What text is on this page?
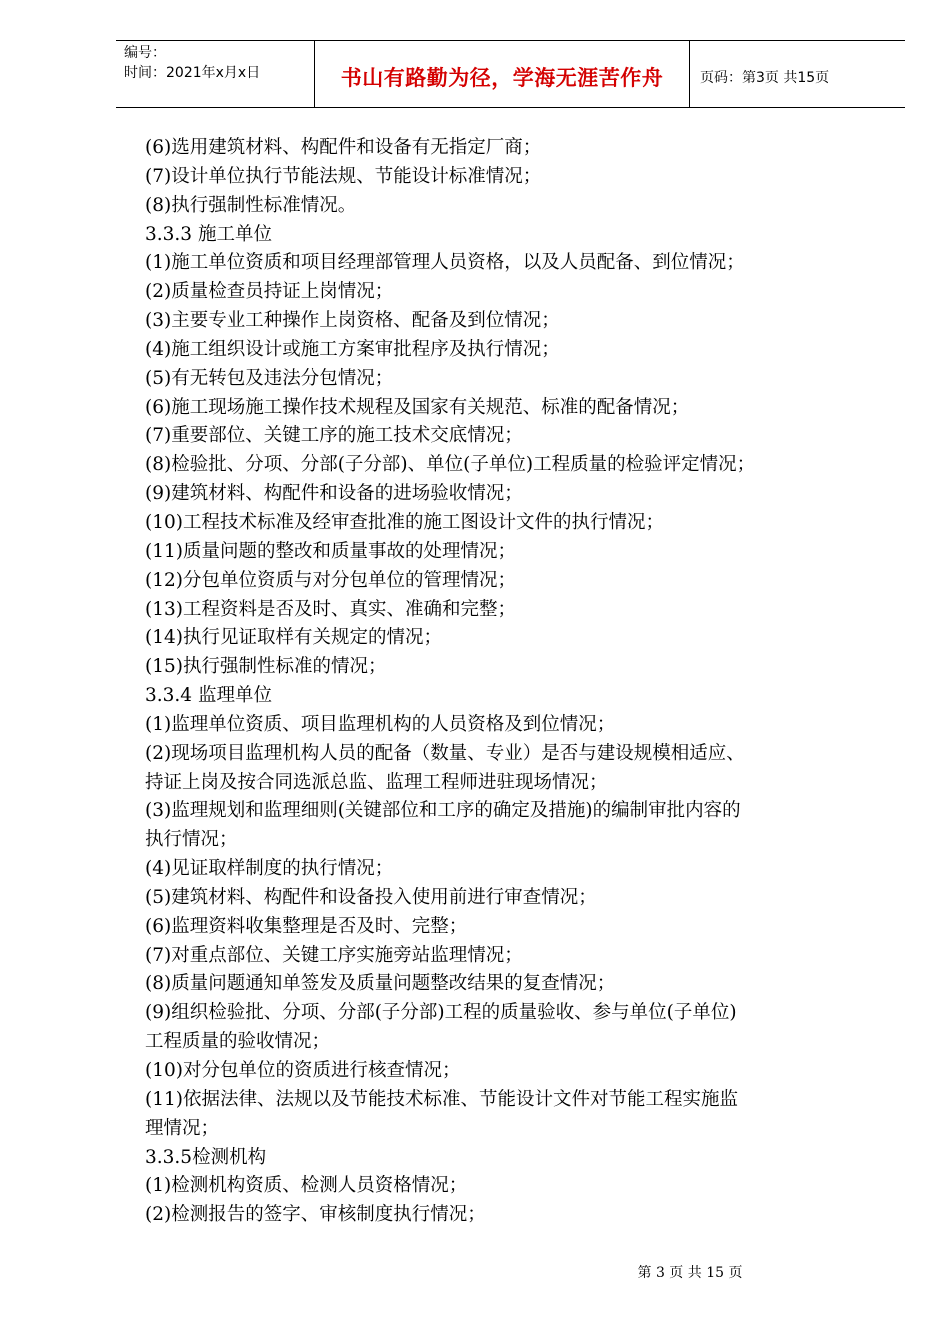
编号：
时间：2021年x月x日	书山有路勤为径，学海无涯苦作舟	页码：第3页 共15页
(6)选用建筑材料、构配件和设备有无指定厂商；
(7)设计单位执行节能法规、节能设计标准情况；
(8)执行强制性标准情况。
3.3.3 施工单位
(1)施工单位资质和项目经理部管理人员资格，以及人员配备、到位情况；
(2)质量检查员持证上岗情况；
(3)主要专业工种操作上岗资格、配备及到位情况；
(4)施工组织设计或施工方案审批程序及执行情况；
(5)有无转包及违法分包情况；
(6)施工现场施工操作技术规程及国家有关规范、标准的配备情况；
(7)重要部位、关键工序的施工技术交底情况；
(8)检验批、分项、分部(子分部)、单位(子单位)工程质量的检验评定情况；
(9)建筑材料、构配件和设备的进场验收情况；
(10)工程技术标准及经审查批准的施工图设计文件的执行情况；
(11)质量问题的整改和质量事故的处理情况；
(12)分包单位资质与对分包单位的管理情况；
(13)工程资料是否及时、真实、准确和完整；
(14)执行见证取样有关规定的情况；
(15)执行强制性标准的情况；
3.3.4 监理单位
(1)监理单位资质、项目监理机构的人员资格及到位情况；
(2)现场项目监理机构人员的配备（数量、专业）是否与建设规模相适应、
持证上岗及按合同选派总监、监理工程师进驻现场情况；
(3)监理规划和监理细则(关键部位和工序的确定及措施)的编制审批内容的
执行情况；
(4)见证取样制度的执行情况；
(5)建筑材料、构配件和设备投入使用前进行审查情况；
(6)监理资料收集整理是否及时、完整；
(7)对重点部位、关键工序实施旁站监理情况；
(8)质量问题通知单签发及质量问题整改结果的复查情况；
(9)组织检验批、分项、分部(子分部)工程的质量验收、参与单位(子单位)
工程质量的验收情况；
(10)对分包单位的资质进行核查情况；
(11)依据法律、法规以及节能技术标准、节能设计文件对节能工程实施监
理情况；
3.3.5检测机构
(1)检测机构资质、检测人员资格情况；
(2)检测报告的签字、审核制度执行情况；
第 3 页 共 15 页
